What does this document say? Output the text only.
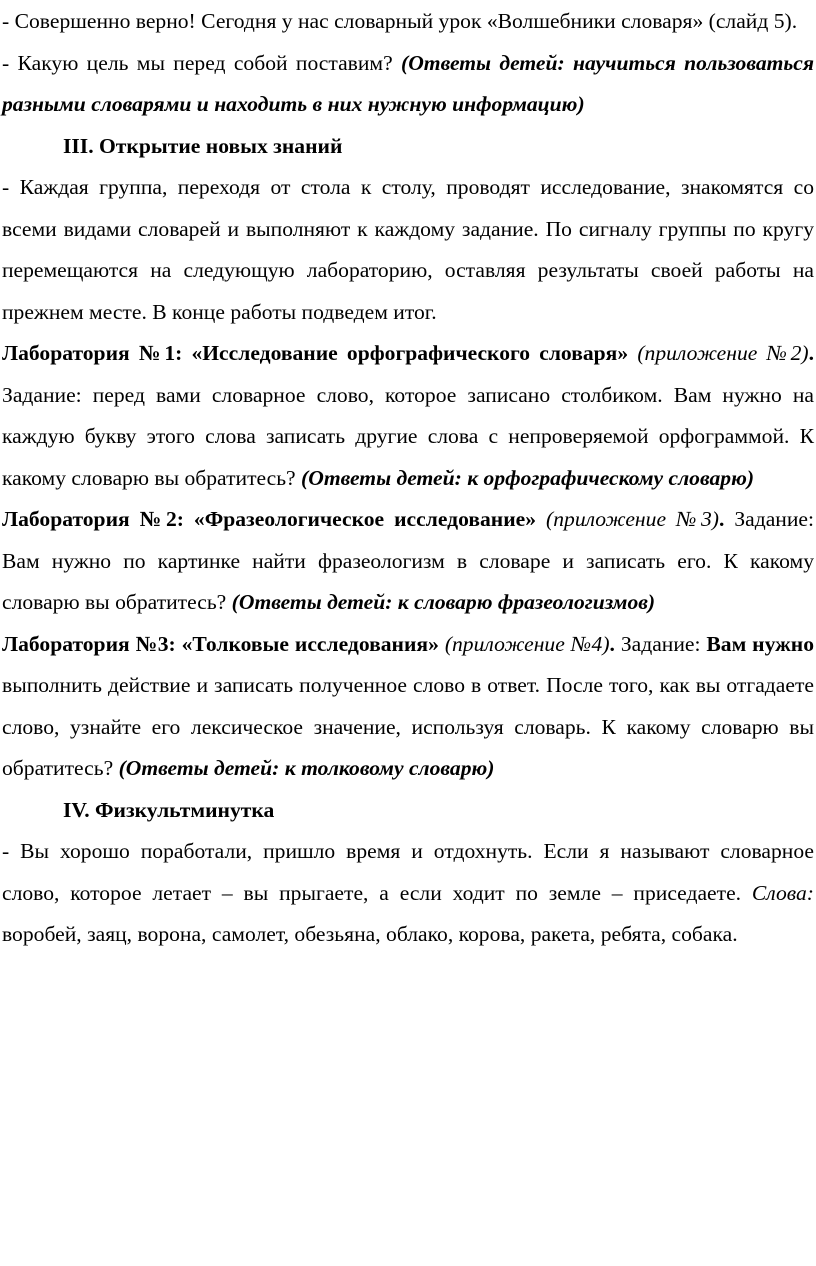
- Совершенно верно! Сегодня у нас словарный урок «Волшебники словаря» (слайд 5).

- Какую цель мы перед собой поставим? (Ответы детей: научиться пользоваться разными словарями и находить в них нужную информацию)

III. Открытие новых знаний

- Каждая группа, переходя от стола к столу, проводят исследование, знакомятся со всеми видами словарей и выполняют к каждому задание. По сигналу группы по кругу перемещаются на следующую лабораторию, оставляя результаты своей работы на прежнем месте. В конце работы подведем итог.

Лаборатория №1: «Исследование орфографического словаря» (приложение №2). Задание: перед вами словарное слово, которое записано столбиком. Вам нужно на каждую букву этого слова записать другие слова с непроверяемой орфограммой. К какому словарю вы обратитесь? (Ответы детей: к орфографическому словарю)

Лаборатория №2: «Фразеологическое исследование» (приложение №3). Задание: Вам нужно по картинке найти фразеологизм в словаре и записать его. К какому словарю вы обратитесь? (Ответы детей: к словарю фразеологизмов)

Лаборатория №3: «Толковые исследования» (приложение №4). Задание: Вам нужно выполнить действие и записать полученное слово в ответ. После того, как вы отгадаете слово, узнайте его лексическое значение, используя словарь. К какому словарю вы обратитесь? (Ответы детей: к толковому словарю)

IV. Физкультминутка

- Вы хорошо поработали, пришло время и отдохнуть. Если я называют словарное слово, которое летает – вы прыгаете, а если ходит по земле – приседаете. Слова: воробей, заяц, ворона, самолет, обезьяна, облако, корова, ракета, ребята, собака.
